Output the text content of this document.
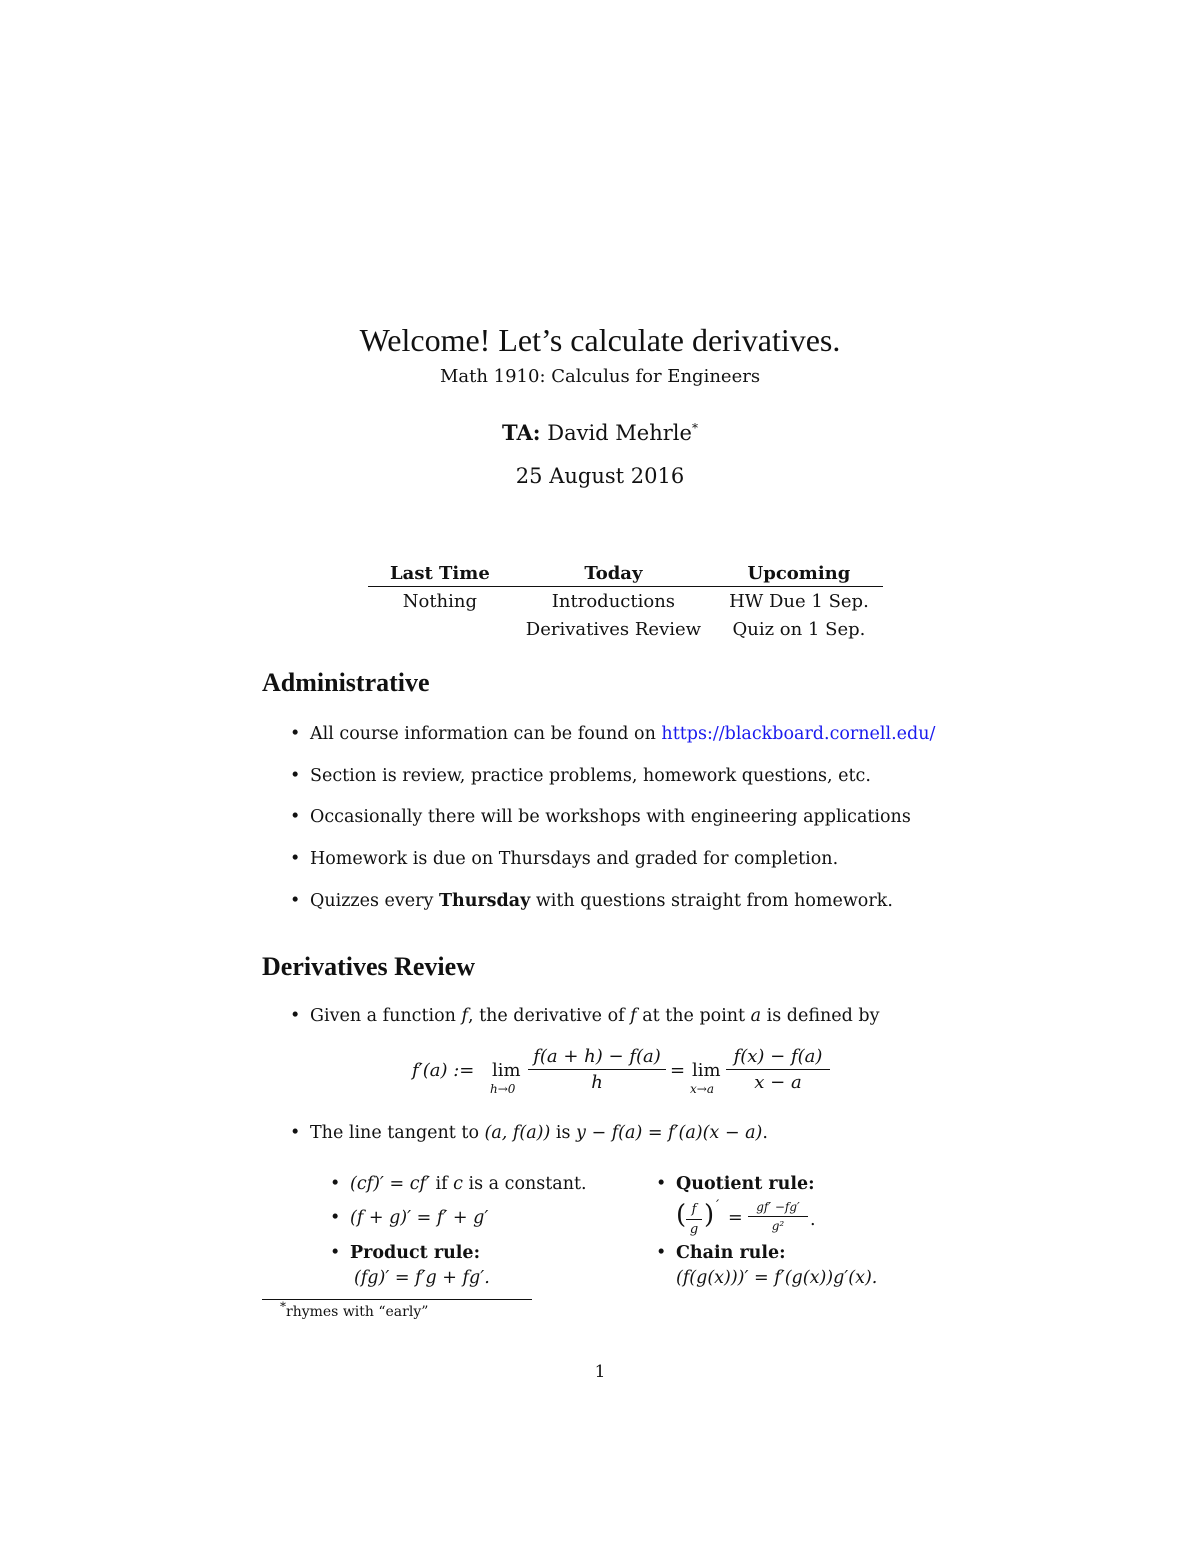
Welcome! Let’s calculate derivatives.
Math 1910: Calculus for Engineers
TA: David Mehrle*
25 August 2016
Last Time	Today	Upcoming
Nothing	Introductions	HW Due 1 Sep.
	Derivatives Review	Quiz on 1 Sep.
Administrative
• All course information can be found on https://blackboard.cornell.edu/
• Section is review, practice problems, homework questions, etc.
• Occasionally there will be workshops with engineering applications
• Homework is due on Thursdays and graded for completion.
• Quizzes every Thursday with questions straight from homework.
Derivatives Review
• Given a function f, the derivative of f at the point a is defined by
f′(a) := lim
$h\to 0 \frac{f(a + h) - f(a)}{h} = \lim$
$x\to a \frac{f(x) - f(a)}{x - a}$
• The line tangent to (a, f(a)) is y − f(a) = f′(a)(x − a).
• (cf)′ = cf′ if c is a constant.
• (f + g)′ = f′ + g′
• Product rule:
(fg)′ = f′g + fg′.
• Quotient rule:
( $\frac{f}{g}$ ) ′
= $\frac{gf' -fg'}{\text{g²}}$ .
• Chain rule:
(f(g(x)))′ = f′(g(x))g′(x).
*rhymes with “early”
1
